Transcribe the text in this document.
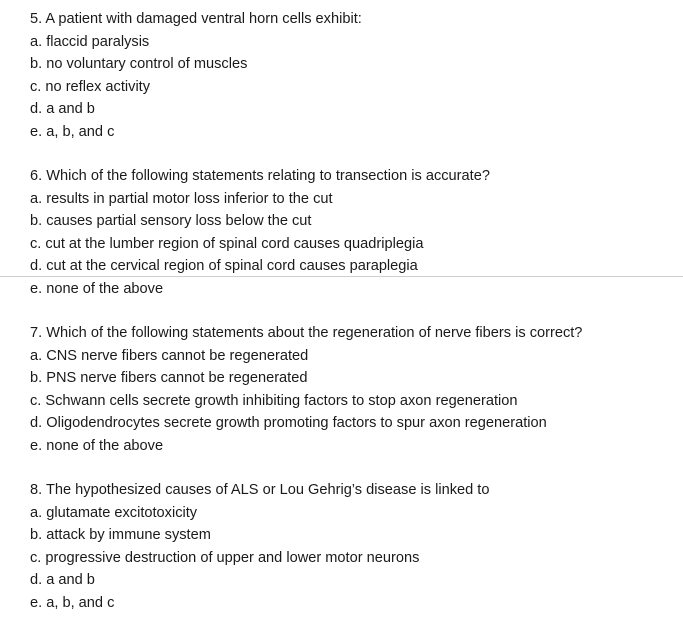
5. A patient with damaged ventral horn cells exhibit:
a. flaccid paralysis
b. no voluntary control of muscles
c. no reflex activity
d. a and b
e. a, b, and c
6. Which of the following statements relating to transection is accurate?
a. results in partial motor loss inferior to the cut
b. causes partial sensory loss below the cut
c. cut at the lumber region of spinal cord causes quadriplegia
d. cut at the cervical region of spinal cord causes paraplegia
e. none of the above
7. Which of the following statements about the regeneration of nerve fibers is correct?
a. CNS nerve fibers cannot be regenerated
b. PNS nerve fibers cannot be regenerated
c. Schwann cells secrete growth inhibiting factors to stop axon regeneration
d. Oligodendrocytes secrete growth promoting factors to spur axon regeneration
e. none of the above
8. The hypothesized causes of ALS or Lou Gehrig’s disease is linked to
a. glutamate excitotoxicity
b. attack by immune system
c. progressive destruction of upper and lower motor neurons
d. a and b
e. a, b, and c
